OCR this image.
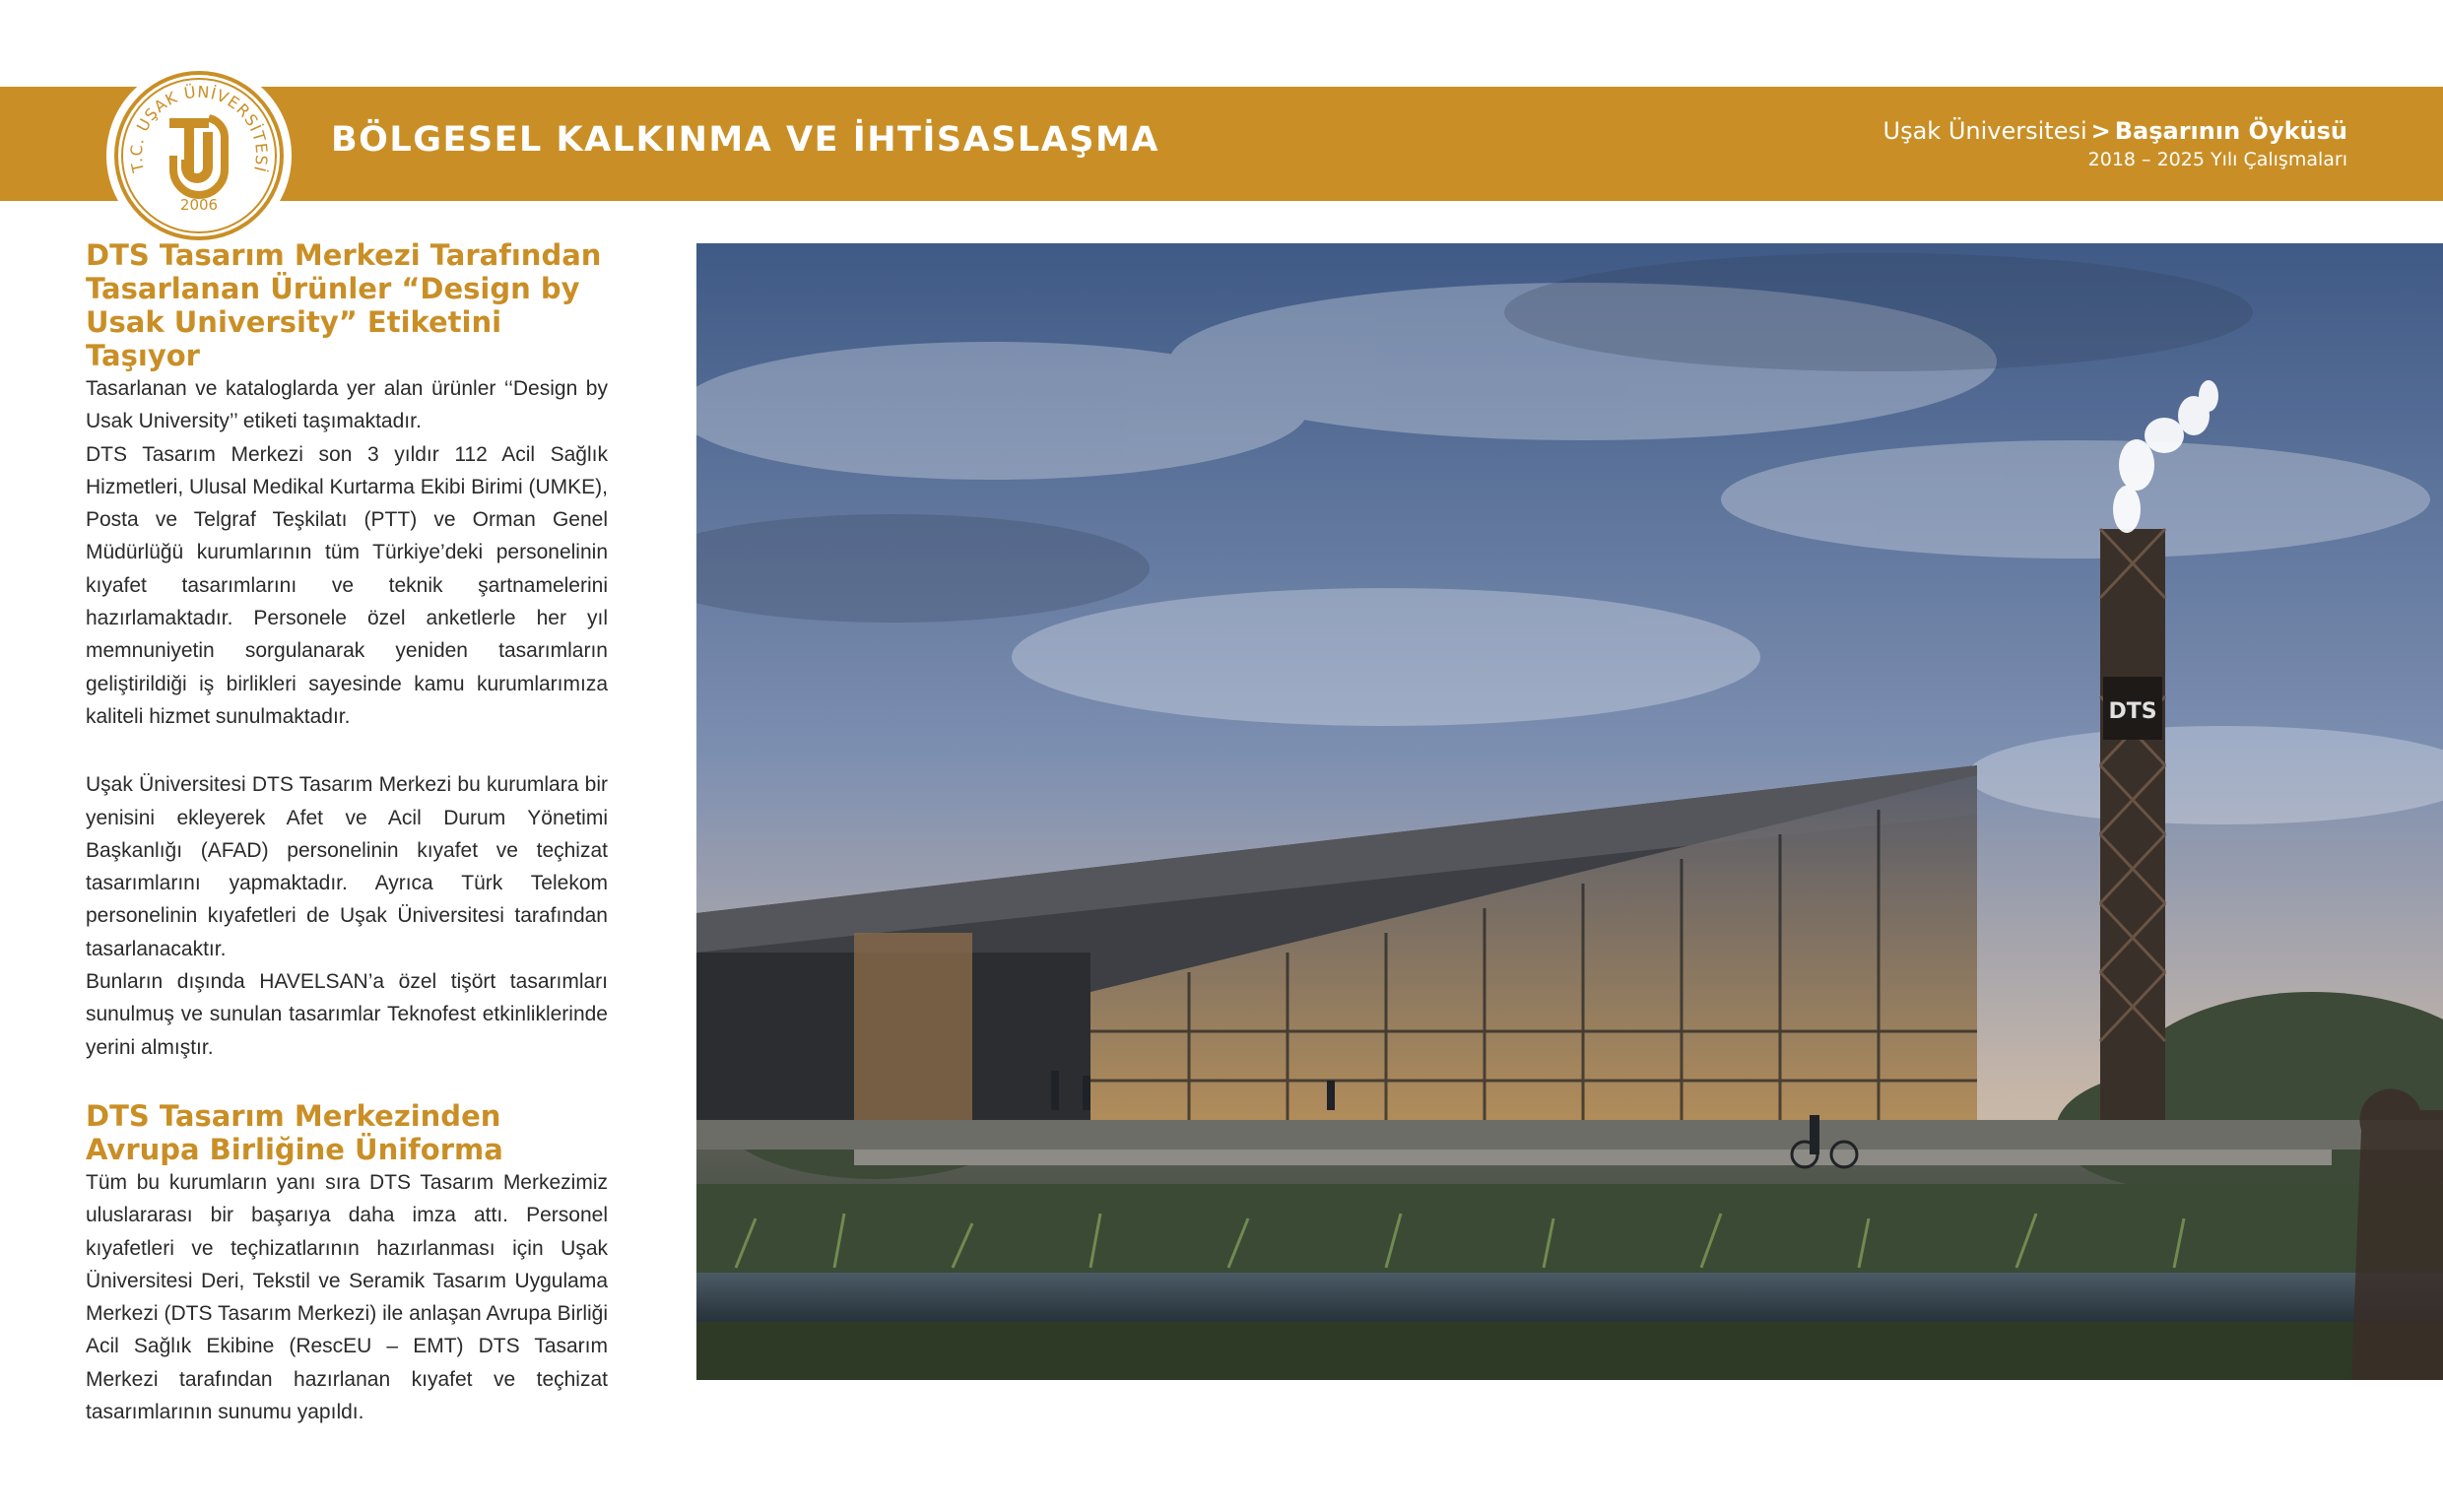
T.C. UŞAK ÜNİVERSİTESİ
2006
BÖLGESEL KALKINMA VE İHTİSASLAŞMA	Uşak Üniversitesi > Başarının Öyküsü
2018 – 2025 Yılı Çalışmaları
DTS Tasarım Merkezi Tarafından Tasarlanan Ürünler “Design by Usak University” Etiketini Taşıyor

Tasarlanan ve kataloglarda yer alan ürünler ‘‘Design by Usak University’’ etiketi taşımaktadır.

DTS Tasarım Merkezi son 3 yıldır 112 Acil Sağlık Hizmetleri, Ulusal Medikal Kurtarma Ekibi Birimi (UMKE), Posta ve Telgraf Teşkilatı (PTT) ve Orman Genel Müdürlüğü kurumlarının tüm Türkiye’deki personelinin kıyafet tasarımlarını ve teknik şartnamelerini hazırlamaktadır. Personele özel anketlerle her yıl memnuniyetin sorgulanarak yeniden tasarımların geliştirildiği iş birlikleri sayesinde kamu kurumlarımıza kaliteli hizmet sunulmaktadır.

Uşak Üniversitesi DTS Tasarım Merkezi bu kurumlara bir yenisini ekleyerek Afet ve Acil Durum Yönetimi Başkanlığı (AFAD) personelinin kıyafet ve teçhizat tasarımlarını yapmaktadır. Ayrıca Türk Telekom personelinin kıyafetleri de Uşak Üniversitesi tarafından tasarlanacaktır.

Bunların dışında HAVELSAN’a özel tişört tasarımları sunulmuş ve sunulan tasarımlar Teknofest etkinliklerinde yerini almıştır.

DTS Tasarım Merkezinden Avrupa Birliğine Üniforma

Tüm bu kurumların yanı sıra DTS Tasarım Merkezimiz uluslararası bir başarıya daha imza attı. Personel kıyafetleri ve teçhizatlarının hazırlanması için Uşak Üniversitesi Deri, Tekstil ve Seramik Tasarım Uygulama Merkezi (DTS Tasarım Merkezi) ile anlaşan Avrupa Birliği Acil Sağlık Ekibine (RescEU – EMT) DTS Tasarım Merkezi tarafından hazırlanan kıyafet ve teçhizat tasarımlarının sunumu yapıldı.

DTS
